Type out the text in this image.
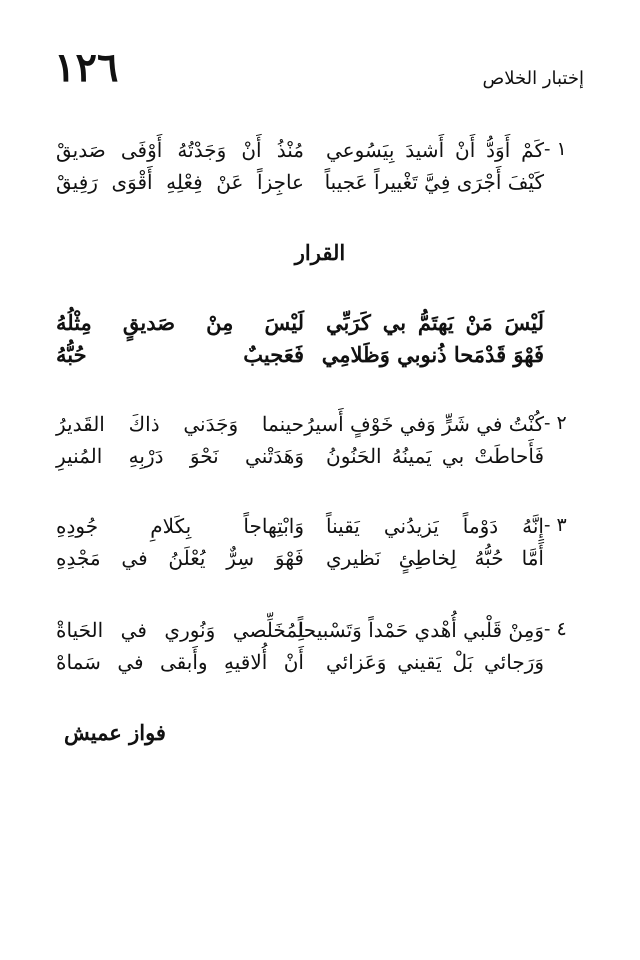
١٢٦	إختبار الخلاص
١ -
كَمْ أَوَدُّ أَنْ أَشيدَ بِيَسُوعي
مُنْذُ أَنْ وَجَدْتُهُ أَوْفَى صَديقْ
كَيْفَ أَجْرَى فِيَّ تَغْييراً عَجيباً
عاجِزاً عَنْ فِعْلِهِ أَقْوَى رَفِيقْ
القرار
لَيْسَ مَنْ يَهتَمُّ بي كَرَبِّي
لَيْسَ مِنْ صَديقٍ مِثْلُهُ
فَهْوَ قَدْمَحا ذُنوبي وَظَلامِي
فَعَجيبٌ حُبُّهُ
٢ -
كُنْتُ في شَرٍّ وَفي خَوْفٍ أَسيرُ
حينما وَجَدَني ذاكَ القَديرُ
فَأَحاطَتْ بي يَمينُهُ الحَنُونُ
وَهَدَتْني نَحْوَ دَرْبِهِ المُنيرِ
٣ -
إِنَّهُ دَوْماً يَزيدُني يَقيناً
وَابْتِهاجاً بِكَلامِ جُودِهِ
أَمَّا حُبُّهُ لِخاطِئٍ نَظيري
فَهْوَ سِرٌّ يُعْلَنُ في مَجْدِهِ
٤ -
وَمِنْ قَلْبي أُهْدي حَمْداً وَتَسْبيحاً
لِمُخَلِّصي وَنُوري في الحَياةْ
وَرَجائي بَلْ يَقيني وَعَزائي
أَنْ أُلاقيهِ وأَبقى في سَماهْ
فواز عميش
